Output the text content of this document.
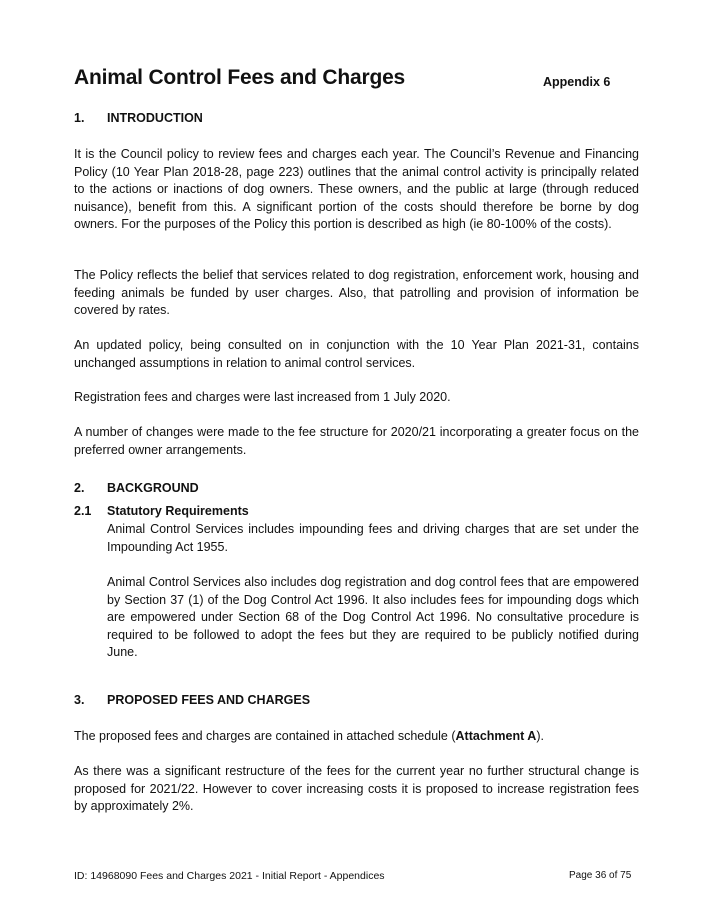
Animal Control Fees and Charges	Appendix 6
1. INTRODUCTION

It is the Council policy to review fees and charges each year. The Council’s Revenue and Financing Policy (10 Year Plan 2018-28, page 223) outlines that the animal control activity is principally related to the actions or inactions of dog owners. These owners, and the public at large (through reduced nuisance), benefit from this. A significant portion of the costs should therefore be borne by dog owners. For the purposes of the Policy this portion is described as high (ie 80-100% of the costs).

The Policy reflects the belief that services related to dog registration, enforcement work, housing and feeding animals be funded by user charges. Also, that patrolling and provision of information be covered by rates.

An updated policy, being consulted on in conjunction with the 10 Year Plan 2021-31, contains unchanged assumptions in relation to animal control services.

Registration fees and charges were last increased from 1 July 2020.

A number of changes were made to the fee structure for 2020/21 incorporating a greater focus on the preferred owner arrangements.

2. BACKGROUND
2.1 Statutory Requirements

Animal Control Services includes impounding fees and driving charges that are set under the Impounding Act 1955.

Animal Control Services also includes dog registration and dog control fees that are empowered by Section 37 (1) of the Dog Control Act 1996. It also includes fees for impounding dogs which are empowered under Section 68 of the Dog Control Act 1996. No consultative procedure is required to be followed to adopt the fees but they are required to be publicly notified during June.

3. PROPOSED FEES AND CHARGES

The proposed fees and charges are contained in attached schedule (Attachment A).

As there was a significant restructure of the fees for the current year no further structural change is proposed for 2021/22. However to cover increasing costs it is proposed to increase registration fees by approximately 2%.

ID: 14968090 Fees and Charges 2021 - Initial Report - Appendices	Page 36 of 75
